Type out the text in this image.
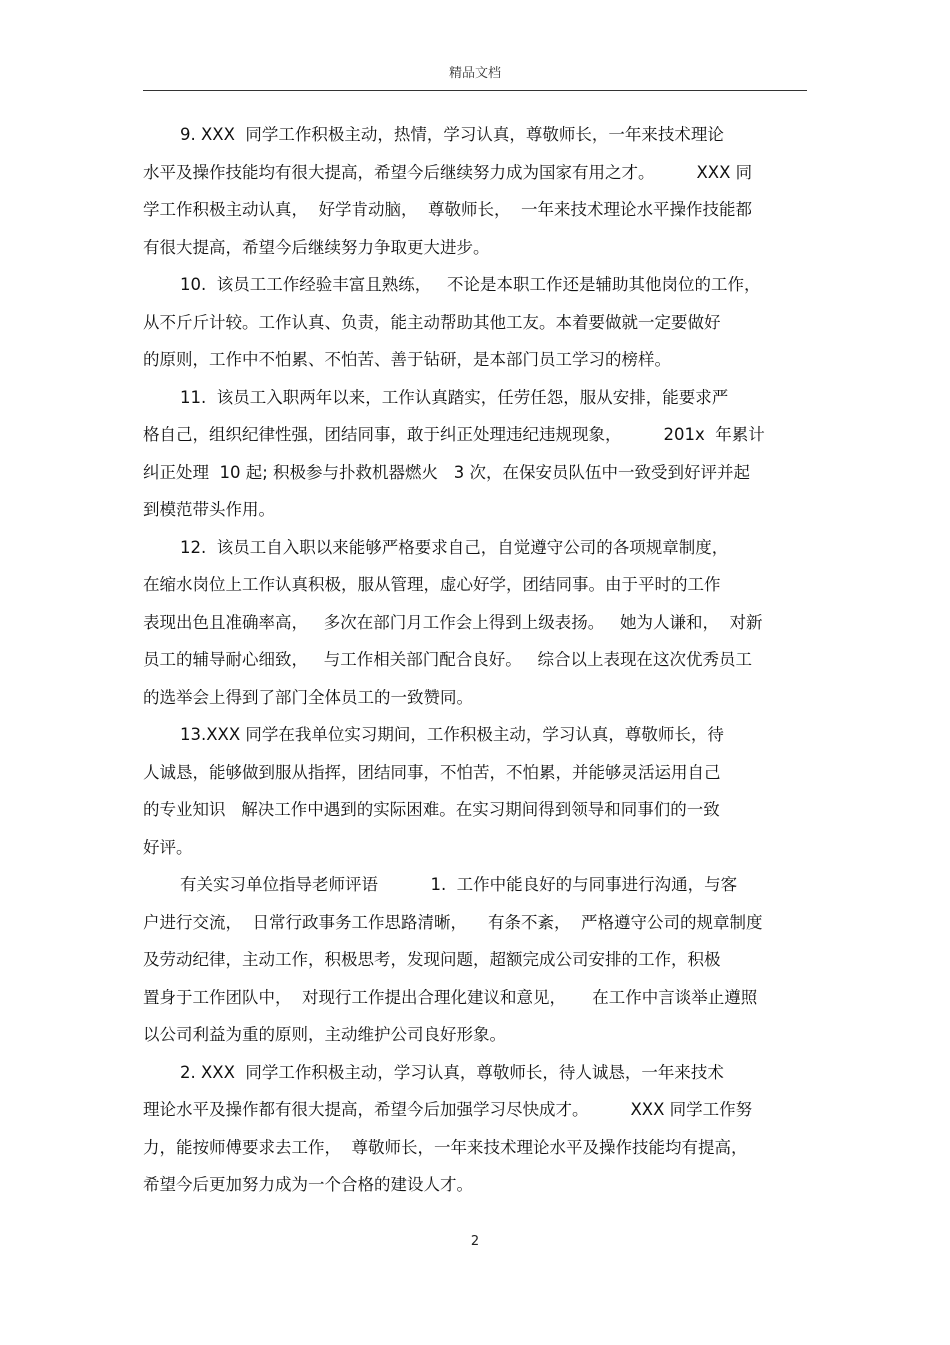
精品文档
9. XXX  同学工作积极主动，热情，学习认真，尊敬师长，一年来技术理论
水平及操作技能均有很大提高，希望今后继续努力成为国家有用之才。        XXX 同
学工作积极主动认真，  好学肯动脑，  尊敬师长，  一年来技术理论水平操作技能都
有很大提高，希望今后继续努力争取更大进步。
10.  该员工工作经验丰富且熟练，   不论是本职工作还是辅助其他岗位的工作，
从不斤斤计较。工作认真、负责，能主动帮助其他工友。本着要做就一定要做好
的原则，工作中不怕累、不怕苦、善于钻研，是本部门员工学习的榜样。
11.  该员工入职两年以来，工作认真踏实，任劳任怨，服从安排，能要求严
格自己，组织纪律性强，团结同事，敢于纠正处理违纪违规现象，        201x  年累计
纠正处理  10 起; 积极参与扑救机器燃火   3 次，在保安员队伍中一致受到好评并起
到模范带头作用。
12.  该员工自入职以来能够严格要求自己，自觉遵守公司的各项规章制度，
在缩水岗位上工作认真积极，服从管理，虚心好学，团结同事。由于平时的工作
表现出色且准确率高，   多次在部门月工作会上得到上级表扬。   她为人谦和，  对新
员工的辅导耐心细致，   与工作相关部门配合良好。   综合以上表现在这次优秀员工
的选举会上得到了部门全体员工的一致赞同。
13.XXX 同学在我单位实习期间，工作积极主动，学习认真，尊敬师长，待
人诚恳，能够做到服从指挥，团结同事，不怕苦，不怕累，并能够灵活运用自己
的专业知识   解决工作中遇到的实际困难。在实习期间得到领导和同事们的一致
好评。
有关实习单位指导老师评语          1.  工作中能良好的与同事进行沟通，与客
户进行交流，  日常行政事务工作思路清晰，    有条不紊，  严格遵守公司的规章制度
及劳动纪律，主动工作，积极思考，发现问题，超额完成公司安排的工作，积极
置身于工作团队中，  对现行工作提出合理化建议和意见，     在工作中言谈举止遵照
以公司利益为重的原则，主动维护公司良好形象。
2. XXX  同学工作积极主动，学习认真，尊敬师长，待人诚恳，一年来技术
理论水平及操作都有很大提高，希望今后加强学习尽快成才。        XXX 同学工作努
力，能按师傅要求去工作，  尊敬师长，一年来技术理论水平及操作技能均有提高，
希望今后更加努力成为一个合格的建设人才。
2
